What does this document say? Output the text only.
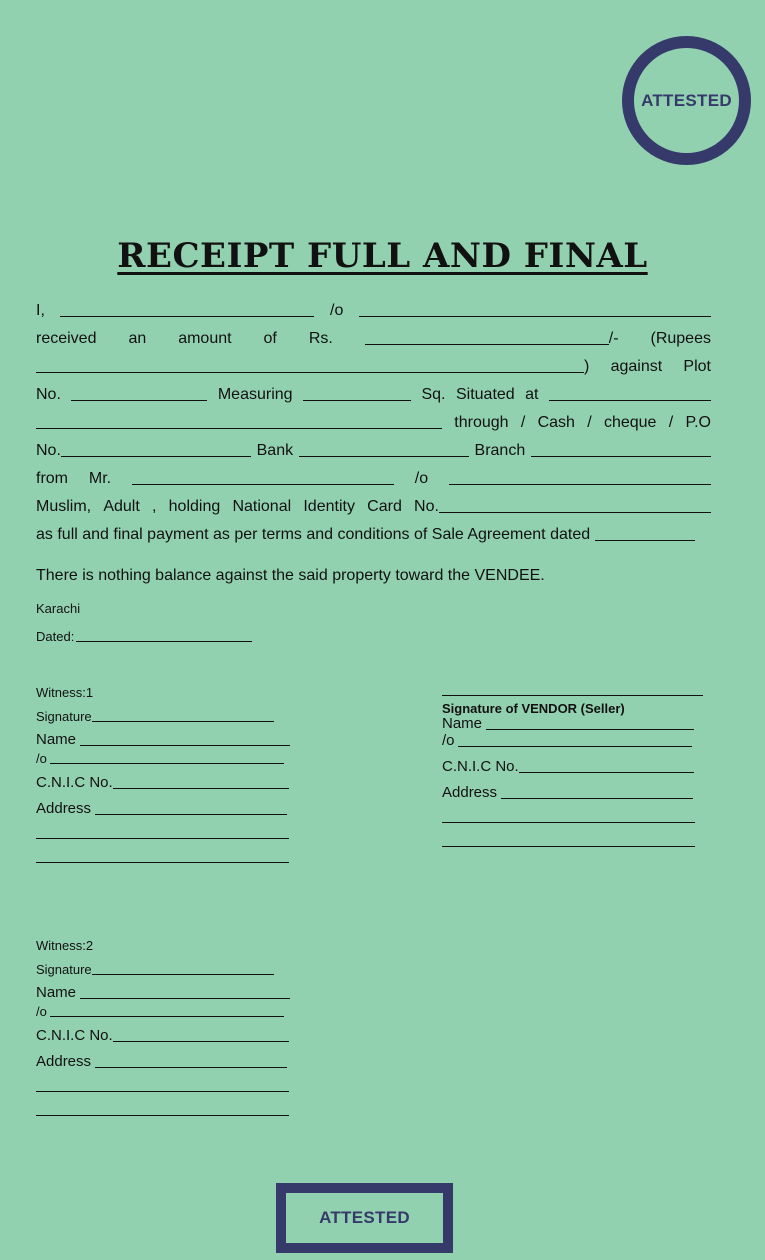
ATTESTED
RECEIPT FULL AND FINAL
I,	/o
received an amount of Rs.	/- (Rupees
) against Plot
No.	Measuring	Sq. Situated at
through / Cash / cheque / P.O
No.	Bank	Branch
from Mr.	/o
Muslim, Adult , holding National Identity Card No.
as full and final payment as per terms and conditions of Sale Agreement dated
There is nothing balance against the said property toward the VENDEE.
Karachi
Dated:
Witness:1
Signature
Name
/o
C.N.I.C No.
Address
Signature of VENDOR (Seller)
Name
/o
C.N.I.C No.
Address
Witness:2
Signature
Name
/o
C.N.I.C No.
Address
ATTESTED
